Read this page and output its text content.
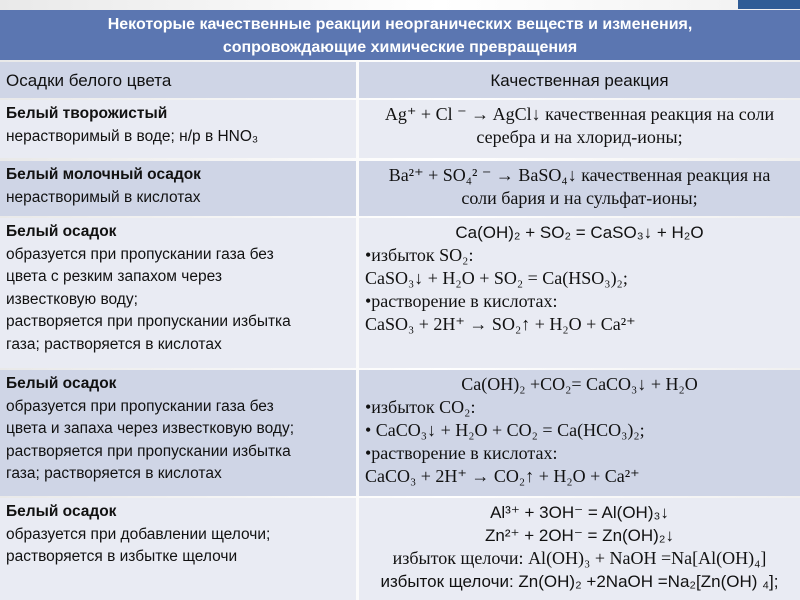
Некоторые качественные реакции неорганических веществ и изменения,
сопровождающие химические превращения
Осадки белого цвета	Качественная реакция
Белый творожистый
нерастворимый в воде; н/р в HNO₃
Ag⁺ + Cl ⁻ → AgCl↓ качественная реакция на соли
серебра и на хлорид-ионы;
Белый молочный осадок
нерастворимый в кислотах
Ba²⁺ + SO₄² ⁻ → BaSO₄↓ качественная реакция на
соли бария и на сульфат-ионы;
Белый осадок
образуется при пропускании газа без
цвета с резким запахом через
известковую воду;
растворяется при пропускании избытка
газа; растворяется в кислотах
Ca(OH)₂ + SO₂ = CaSO₃↓ + H₂O
•избыток SO₂:
CaSO₃↓ + H₂O + SO₂ = Ca(HSO₃)₂;
•растворение в кислотах:
CaSO₃ + 2H⁺ → SO₂↑ + H₂O + Ca²⁺
Белый осадок
образуется при пропускании газа без
цвета и запаха через известковую воду;
растворяется при пропускании избытка
газа; растворяется в кислотах
Ca(OH)₂ +CO₂= CaCO₃↓ + H₂O
•избыток CO₂:
• CaCO₃↓ + H₂O + CO₂ = Ca(HCO₃)₂;
•растворение в кислотах:
CaCO₃ + 2H⁺ → CO₂↑ + H₂O + Ca²⁺
Белый осадок
образуется при добавлении щелочи;
растворяется в избытке щелочи
Al³⁺ + 3OH⁻ = Al(OH)₃↓
Zn²⁺ + 2OH⁻ = Zn(OH)₂↓
избыток щелочи: Al(OH)₃ + NaOH =Na[Al(OH)₄]
избыток щелочи: Zn(OH)₂ +2NaOH =Na₂[Zn(OH) ₄];
